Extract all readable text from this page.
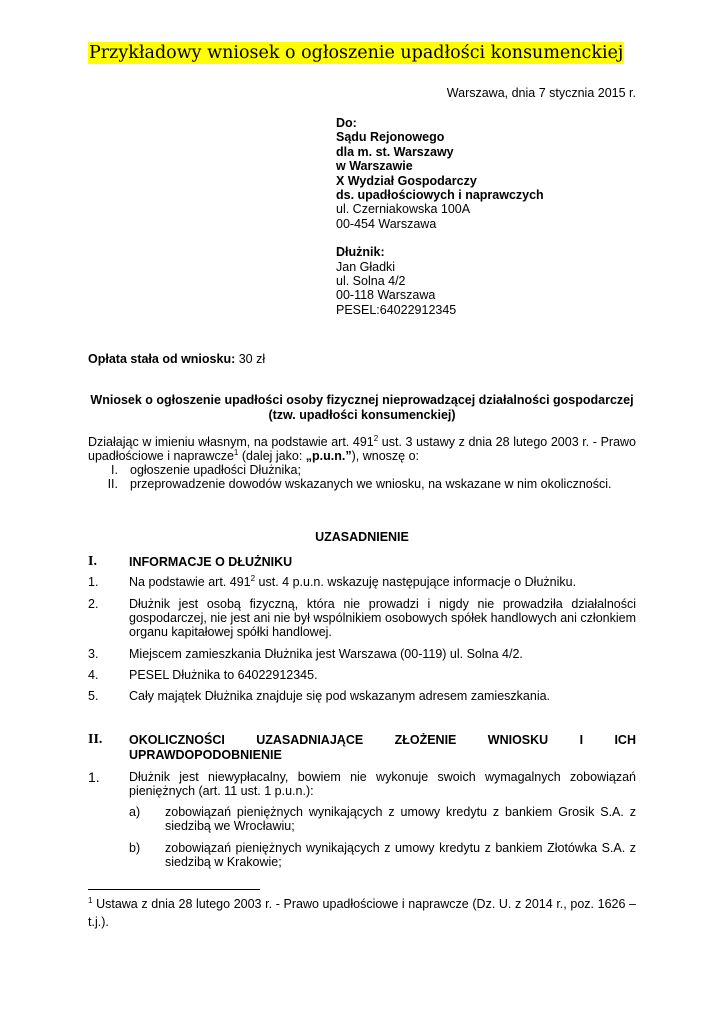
Przykładowy wniosek o ogłoszenie upadłości konsumenckiej
Warszawa, dnia 7 stycznia 2015 r.
Do:
Sądu Rejonowego
dla m. st. Warszawy
w Warszawie
X Wydział Gospodarczy
ds. upadłościowych i naprawczych
ul. Czerniakowska 100A
00-454 Warszawa
Dłużnik:
Jan Gładki
ul. Solna 4/2
00-118 Warszawa
PESEL:64022912345
Opłata stała od wniosku: 30 zł
Wniosek o ogłoszenie upadłości osoby fizycznej nieprowadzącej działalności gospodarczej
(tzw. upadłości konsumenckiej)
Działając w imieniu własnym, na podstawie art. $491^2$ ust. 3 ustawy z dnia 28 lutego 2003 r. - Prawo upadłościowe i naprawcze$^1$ (dalej jako: „p.u.n.”), wnoszę o:
I. ogłoszenie upadłości Dłużnika;
II. przeprowadzenie dowodów wskazanych we wniosku, na wskazane w nim okoliczności.
UZASADNIENIE
I.	INFORMACJE O DŁUŻNIKU
1. Na podstawie art. $491^2$ ust. 4 p.u.n. wskazuję następujące informacje o Dłużniku.
2. Dłużnik jest osobą fizyczną, która nie prowadzi i nigdy nie prowadziła działalności gospodarczej, nie jest ani nie był wspólnikiem osobowych spółek handlowych ani członkiem organu kapitałowej spółki handlowej.
3. Miejscem zamieszkania Dłużnika jest Warszawa (00-119) ul. Solna 4/2.
4. PESEL Dłużnika to 64022912345.
5. Cały majątek Dłużnika znajduje się pod wskazanym adresem zamieszkania.
II. OKOLICZNOŚCI UZASADNIAJĄCE ZŁOŻENIE WNIOSKU I ICH
UPRAWDOPODOBNIENIE
1. Dłużnik jest niewypłacalny, bowiem nie wykonuje swoich wymagalnych zobowiązań pieniężnych (art. 11 ust. 1 p.u.n.):
a) zobowiązań pieniężnych wynikających z umowy kredytu z bankiem Grosik S.A. z siedzibą we Wrocławiu;
b) zobowiązań pieniężnych wynikających z umowy kredytu z bankiem Złotówka S.A. z siedzibą w Krakowie;
$^1$ Ustawa z dnia 28 lutego 2003 r. - Prawo upadłościowe i naprawcze (Dz. U. z 2014 r., poz. 1626 – t.j.).
